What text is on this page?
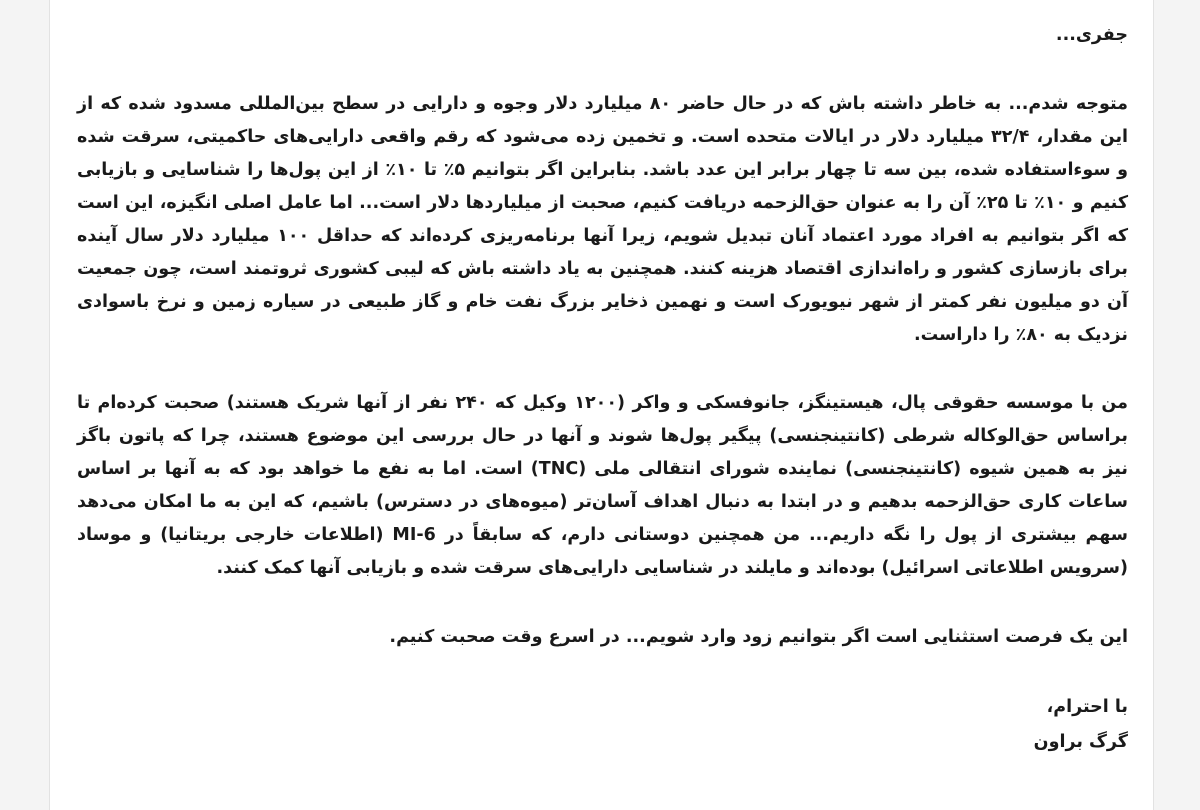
جفری...

متوجه شدم... به خاطر داشته باش که در حال حاضر ۸۰ میلیارد دلار وجوه و دارایی در سطح بین‌المللی مسدود شده که از این مقدار، ۳۲/۴ میلیارد دلار در ایالات متحده است. و تخمین زده می‌شود که رقم واقعی دارایی‌های حاکمیتی، سرقت شده و سوءاستفاده شده، بین سه تا چهار برابر این عدد باشد. بنابراین اگر بتوانیم ۵٪ تا ۱۰٪ از این پول‌ها را شناسایی و بازیابی کنیم و ۱۰٪ تا ۲۵٪ آن را به عنوان حق‌الزحمه دریافت کنیم، صحبت از میلیاردها دلار است... اما عامل اصلی انگیزه، این است که اگر بتوانیم به افراد مورد اعتماد آنان تبدیل شویم، زیرا آنها برنامه‌ریزی کرده‌اند که حداقل ۱۰۰ میلیارد دلار سال آینده برای بازسازی کشور و راه‌اندازی اقتصاد هزینه کنند. همچنین به یاد داشته باش که لیبی کشوری ثروتمند است، چون جمعیت آن دو میلیون نفر کمتر از شهر نیویورک است و نهمین ذخایر بزرگ نفت خام و گاز طبیعی در سیاره زمین و نرخ باسوادی نزدیک به ۸۰٪ را داراست.

من با موسسه حقوقی پال، هیستینگز، جانوفسکی و واکر (۱۲۰۰ وکیل که ۲۴۰ نفر از آنها شریک هستند) صحبت کرده‌ام تا براساس حق‌الوکاله شرطی (کانتینجنسی) پیگیر پول‌ها شوند و آنها در حال بررسی این موضوع هستند، چرا که پاتون باگز نیز به همین شیوه (کانتینجنسی) نماینده شورای انتقالی ملی (TNC) است. اما به نفع ما خواهد بود که به آنها بر اساس ساعات کاری حق‌الزحمه بدهیم و در ابتدا به دنبال اهداف آسان‌تر (میوه‌های در دسترس) باشیم، که این به ما امکان می‌دهد سهم بیشتری از پول را نگه داریم... من همچنین دوستانی دارم، که سابقاً در MI-6 (اطلاعات خارجی بریتانیا) و موساد (سرویس اطلاعاتی اسرائیل) بوده‌اند و مایلند در شناسایی دارایی‌های سرقت شده و بازیابی آنها کمک کنند.

این یک فرصت استثنایی است اگر بتوانیم زود وارد شویم... در اسرع وقت صحبت کنیم.

با احترام،

گرگ براون
